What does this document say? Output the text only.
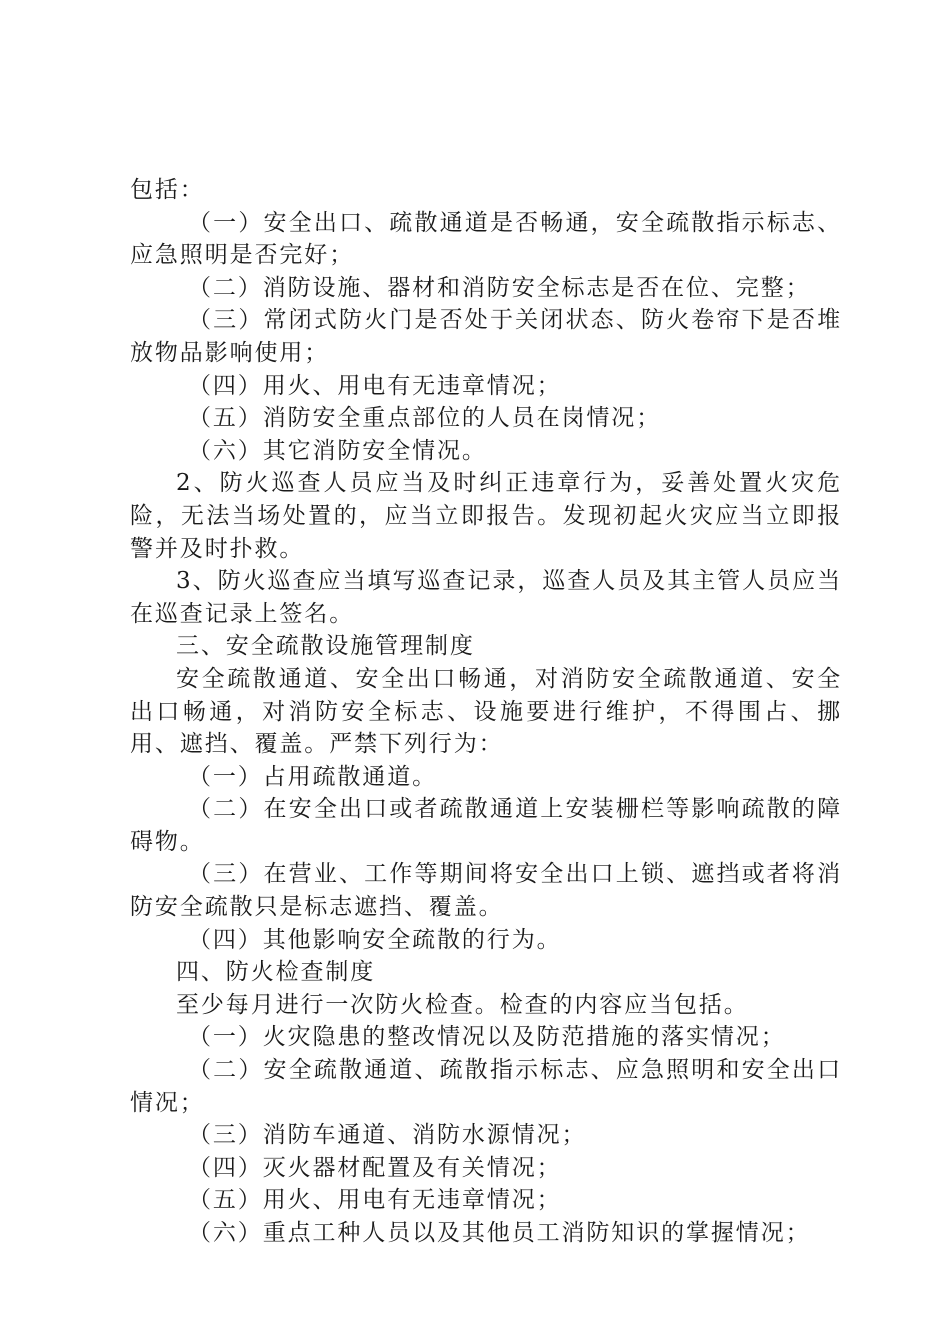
包括：

（一）安全出口、疏散通道是否畅通，安全疏散指示标志、应急照明是否完好；

（二）消防设施、器材和消防安全标志是否在位、完整；

（三）常闭式防火门是否处于关闭状态、防火卷帘下是否堆放物品影响使用；

（四）用火、用电有无违章情况；

（五）消防安全重点部位的人员在岗情况；

（六）其它消防安全情况。

2、防火巡查人员应当及时纠正违章行为，妥善处置火灾危险，无法当场处置的，应当立即报告。发现初起火灾应当立即报警并及时扑救。

3、防火巡查应当填写巡查记录，巡查人员及其主管人员应当在巡查记录上签名。

三、安全疏散设施管理制度

安全疏散通道、安全出口畅通，对消防安全疏散通道、安全出口畅通，对消防安全标志、设施要进行维护，不得围占、挪用、遮挡、覆盖。严禁下列行为：

（一）占用疏散通道。

（二）在安全出口或者疏散通道上安装栅栏等影响疏散的障碍物。

（三）在营业、工作等期间将安全出口上锁、遮挡或者将消防安全疏散只是标志遮挡、覆盖。

（四）其他影响安全疏散的行为。

四、防火检查制度

至少每月进行一次防火检查。检查的内容应当包括。

（一）火灾隐患的整改情况以及防范措施的落实情况；

（二）安全疏散通道、疏散指示标志、应急照明和安全出口情况；

（三）消防车通道、消防水源情况；

（四）灭火器材配置及有关情况；

（五）用火、用电有无违章情况；

（六）重点工种人员以及其他员工消防知识的掌握情况；
